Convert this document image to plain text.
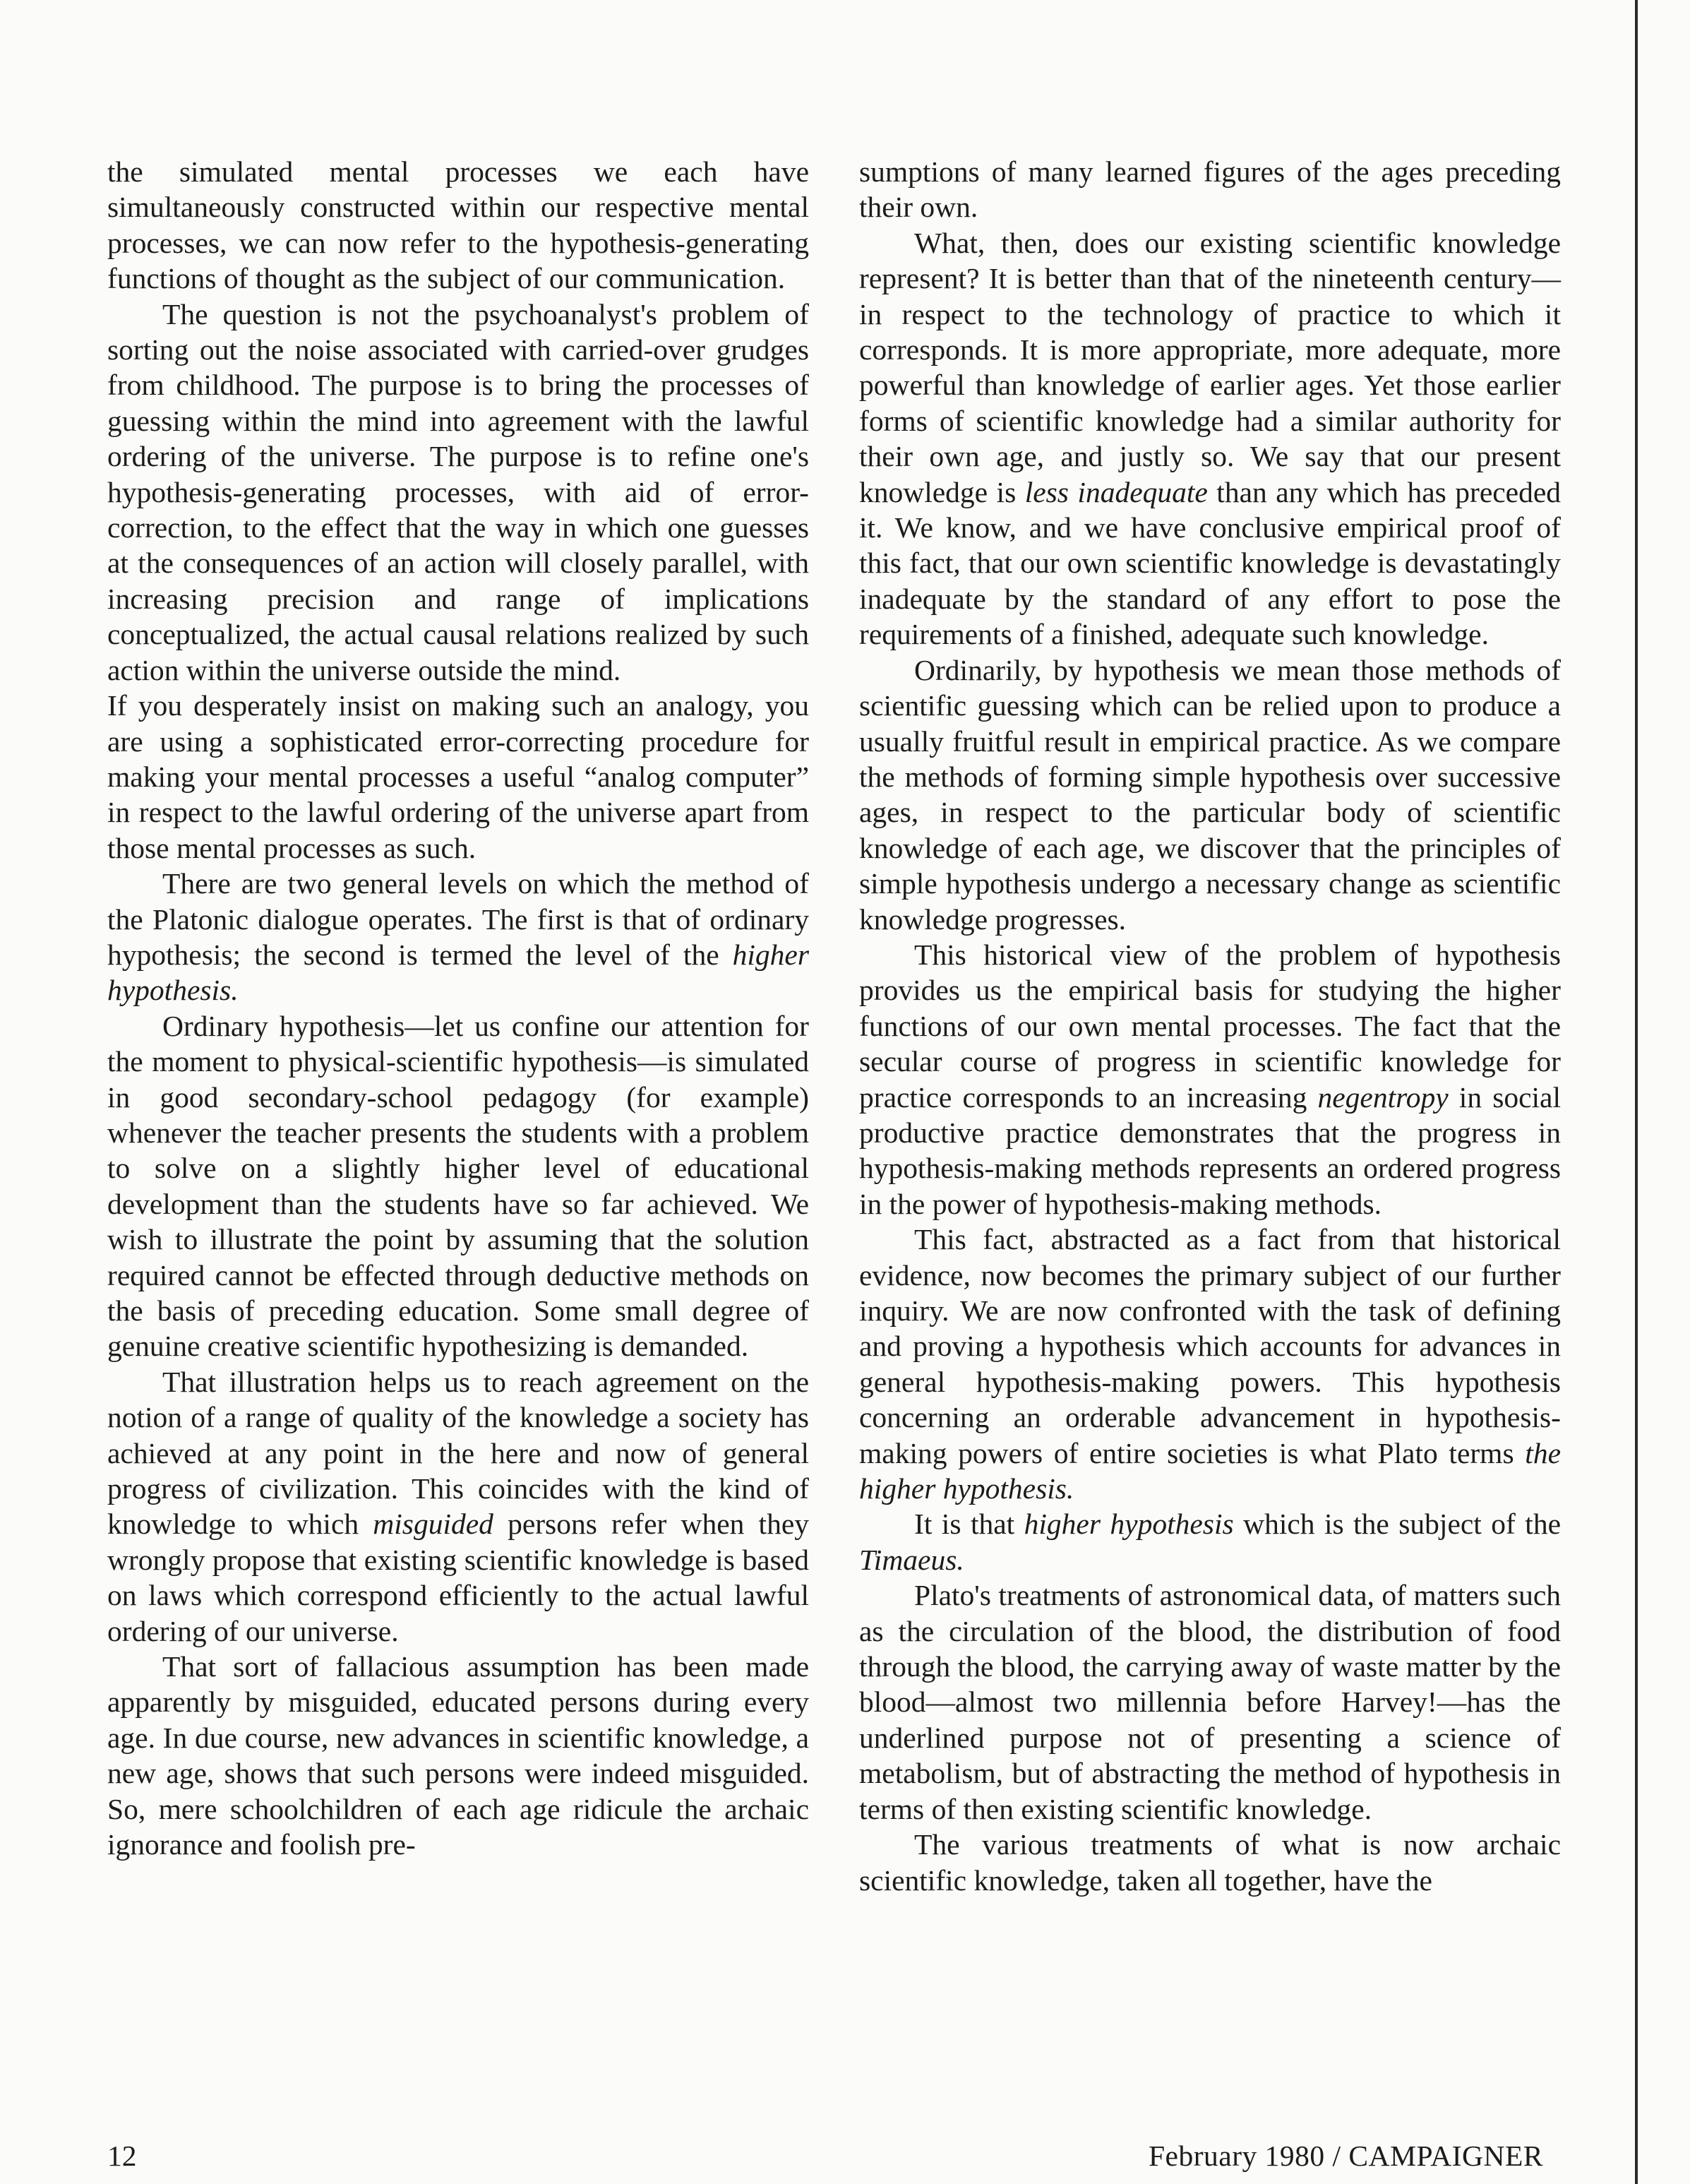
the simulated mental processes we each have simultaneously constructed within our respective mental processes, we can now refer to the hypothesis-generating functions of thought as the subject of our communication.

The question is not the psychoanalyst's problem of sorting out the noise associated with carried-over grudges from childhood. The purpose is to bring the processes of guessing within the mind into agreement with the lawful ordering of the universe. The purpose is to refine one's hypothesis-generating processes, with aid of error-correction, to the effect that the way in which one guesses at the consequences of an action will closely parallel, with increasing precision and range of implications conceptualized, the actual causal relations realized by such action within the universe outside the mind.

If you desperately insist on making such an analogy, you are using a sophisticated error-correcting procedure for making your mental processes a useful “analog computer” in respect to the lawful ordering of the universe apart from those mental processes as such.

There are two general levels on which the method of the Platonic dialogue operates. The first is that of ordinary hypothesis; the second is termed the level of the higher hypothesis.

Ordinary hypothesis—let us confine our attention for the moment to physical-scientific hypothesis—is simulated in good secondary-school pedagogy (for example) whenever the teacher presents the students with a problem to solve on a slightly higher level of educational development than the students have so far achieved. We wish to illustrate the point by assuming that the solution required cannot be effected through deductive methods on the basis of preceding education. Some small degree of genuine creative scientific hypothesizing is demanded.

That illustration helps us to reach agreement on the notion of a range of quality of the knowledge a society has achieved at any point in the here and now of general progress of civilization. This coincides with the kind of knowledge to which misguided persons refer when they wrongly propose that existing scientific knowledge is based on laws which correspond efficiently to the actual lawful ordering of our universe.

That sort of fallacious assumption has been made apparently by misguided, educated persons during every age. In due course, new advances in scientific knowledge, a new age, shows that such persons were indeed misguided. So, mere schoolchildren of each age ridicule the archaic ignorance and foolish pre-

sumptions of many learned figures of the ages preceding their own.

What, then, does our existing scientific knowledge represent? It is better than that of the nineteenth century—in respect to the technology of practice to which it corresponds. It is more appropriate, more adequate, more powerful than knowledge of earlier ages. Yet those earlier forms of scientific knowledge had a similar authority for their own age, and justly so. We say that our present knowledge is less inadequate than any which has preceded it. We know, and we have conclusive empirical proof of this fact, that our own scientific knowledge is devastatingly inadequate by the standard of any effort to pose the requirements of a finished, adequate such knowledge.

Ordinarily, by hypothesis we mean those methods of scientific guessing which can be relied upon to produce a usually fruitful result in empirical practice. As we compare the methods of forming simple hypothesis over successive ages, in respect to the particular body of scientific knowledge of each age, we discover that the principles of simple hypothesis undergo a necessary change as scientific knowledge progresses.

This historical view of the problem of hypothesis provides us the empirical basis for studying the higher functions of our own mental processes. The fact that the secular course of progress in scientific knowledge for practice corresponds to an increasing negentropy in social productive practice demonstrates that the progress in hypothesis-making methods represents an ordered progress in the power of hypothesis-making methods.

This fact, abstracted as a fact from that historical evidence, now becomes the primary subject of our further inquiry. We are now confronted with the task of defining and proving a hypothesis which accounts for advances in general hypothesis-making powers. This hypothesis concerning an orderable advancement in hypothesis-making powers of entire societies is what Plato terms the higher hypothesis.

It is that higher hypothesis which is the subject of the Timaeus.

Plato's treatments of astronomical data, of matters such as the circulation of the blood, the distribution of food through the blood, the carrying away of waste matter by the blood—almost two millennia before Harvey!—has the underlined purpose not of presenting a science of metabolism, but of abstracting the method of hypothesis in terms of then existing scientific knowledge.

The various treatments of what is now archaic scientific knowledge, taken all together, have the

12	February 1980 / CAMPAIGNER
